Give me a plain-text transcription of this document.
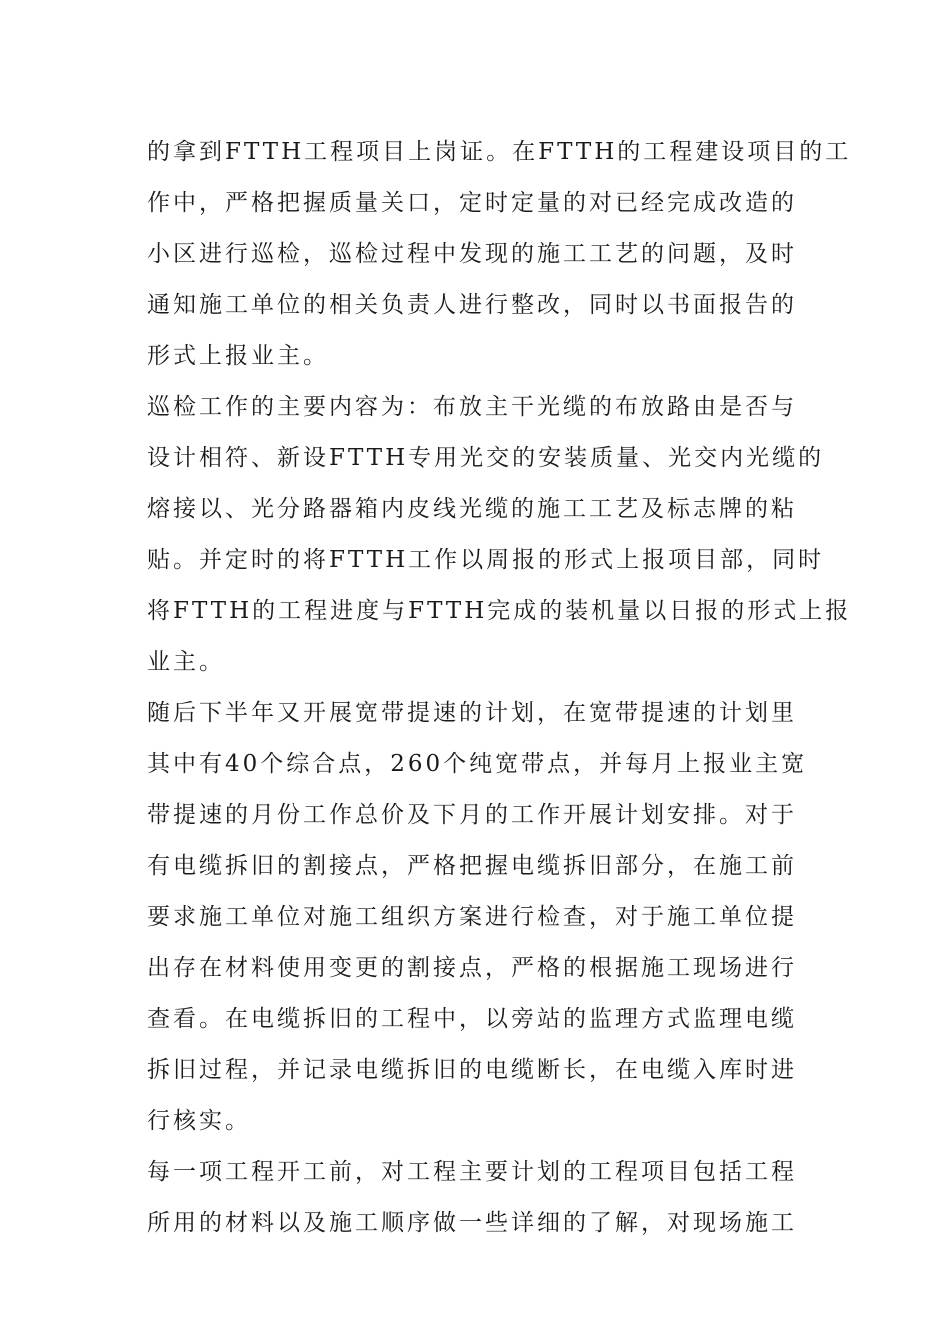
的拿到FTTH工程项目上岗证。在FTTH的工程建设项目的工
作中，严格把握质量关口，定时定量的对已经完成改造的
小区进行巡检，巡检过程中发现的施工工艺的问题，及时
通知施工单位的相关负责人进行整改，同时以书面报告的
形式上报业主。
巡检工作的主要内容为：布放主干光缆的布放路由是否与
设计相符、新设FTTH专用光交的安装质量、光交内光缆的
熔接以、光分路器箱内皮线光缆的施工工艺及标志牌的粘
贴。并定时的将FTTH工作以周报的形式上报项目部，同时
将FTTH的工程进度与FTTH完成的装机量以日报的形式上报
业主。
随后下半年又开展宽带提速的计划，在宽带提速的计划里
其中有40个综合点，260个纯宽带点，并每月上报业主宽
带提速的月份工作总价及下月的工作开展计划安排。对于
有电缆拆旧的割接点，严格把握电缆拆旧部分，在施工前
要求施工单位对施工组织方案进行检查，对于施工单位提
出存在材料使用变更的割接点，严格的根据施工现场进行
查看。在电缆拆旧的工程中，以旁站的监理方式监理电缆
拆旧过程，并记录电缆拆旧的电缆断长，在电缆入库时进
行核实。
每一项工程开工前，对工程主要计划的工程项目包括工程
所用的材料以及施工顺序做一些详细的了解，对现场施工
